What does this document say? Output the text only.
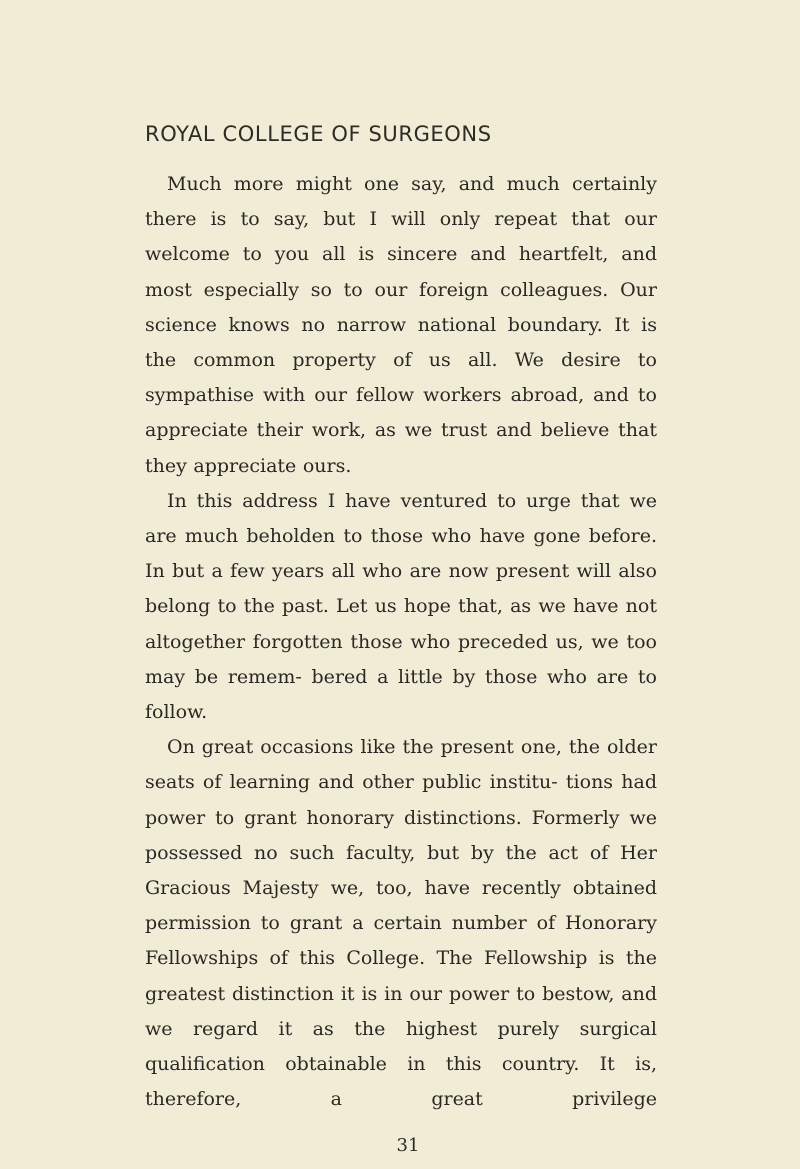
ROYAL COLLEGE OF SURGEONS

Much more might one say, and much certainly there is to say, but I will only repeat that our welcome to you all is sincere and heartfelt, and most especially so to our foreign colleagues. Our science knows no narrow national boundary. It is the common property of us all. We desire to sympathise with our fellow workers abroad, and to appreciate their work, as we trust and believe that they appreciate ours.

In this address I have ventured to urge that we are much beholden to those who have gone before. In but a few years all who are now present will also belong to the past. Let us hope that, as we have not altogether forgotten those who preceded us, we too may be remem- bered a little by those who are to follow.

On great occasions like the present one, the older seats of learning and other public institu- tions had power to grant honorary distinctions. Formerly we possessed no such faculty, but by the act of Her Gracious Majesty we, too, have recently obtained permission to grant a certain number of Honorary Fellowships of this College. The Fellowship is the greatest distinction it is in our power to bestow, and we regard it as the highest purely surgical qualification obtainable in this country. It is, therefore, a great privilege

31
